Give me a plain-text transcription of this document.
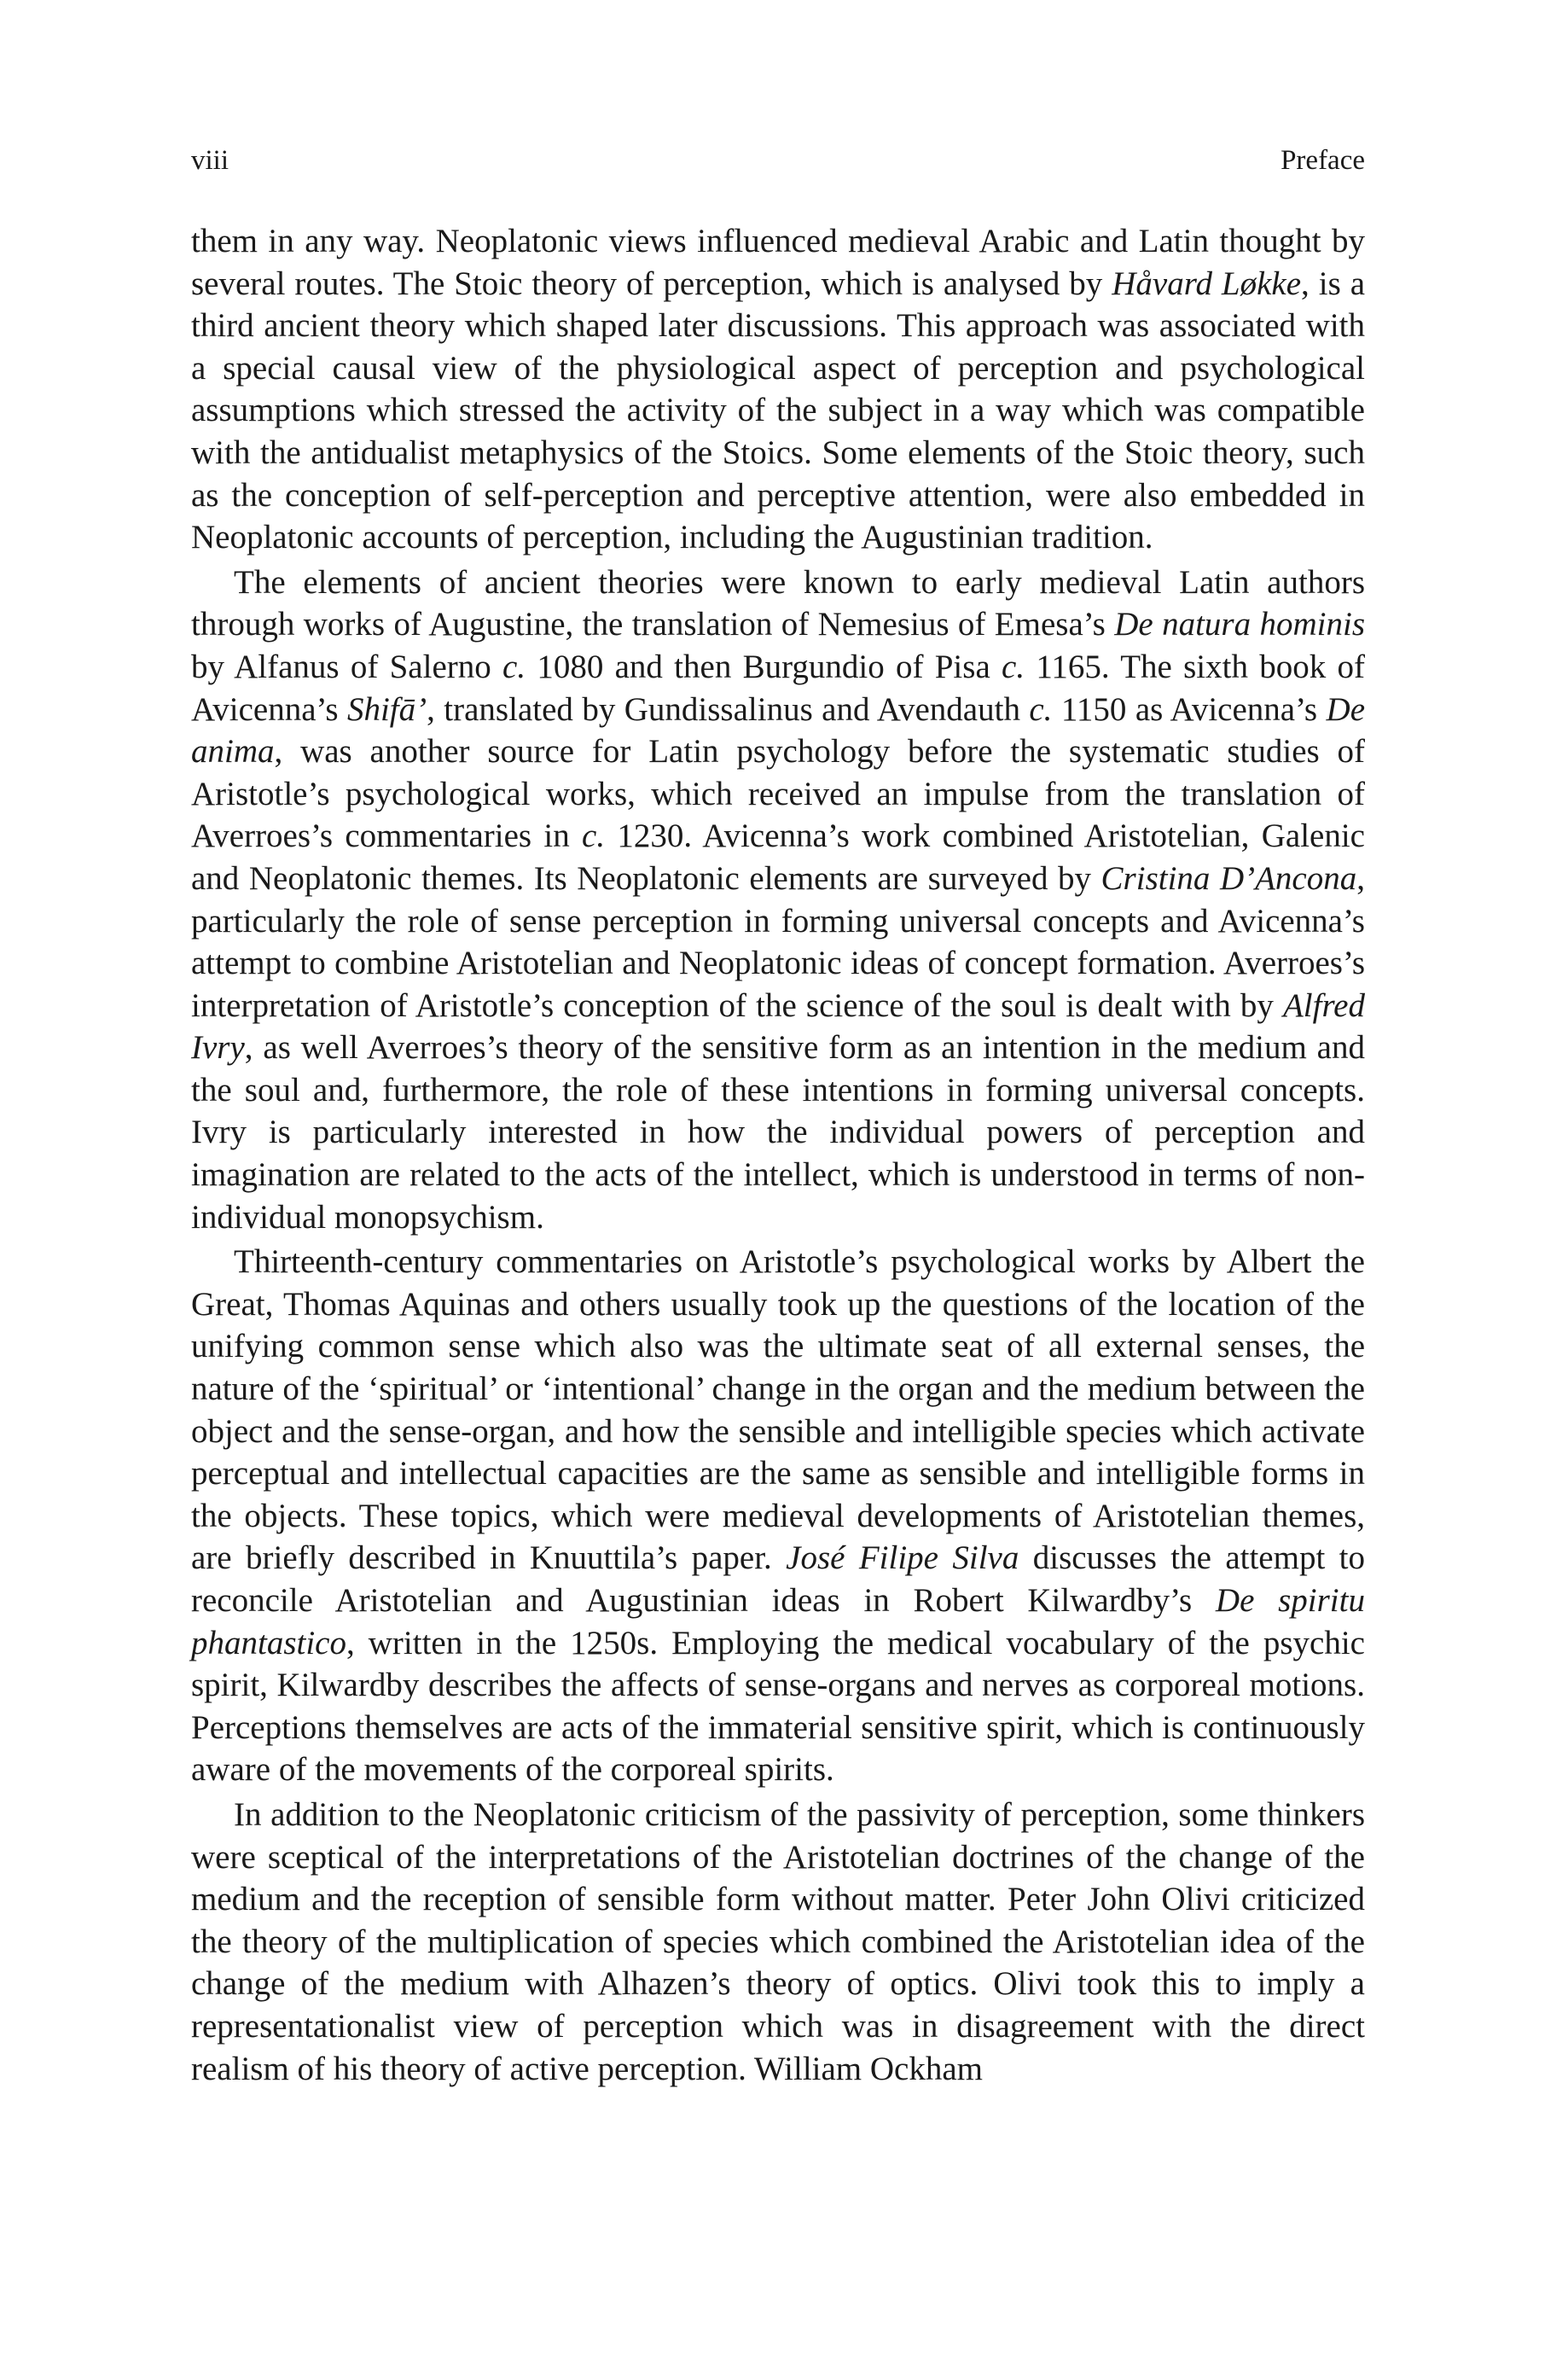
viii	Preface

them in any way. Neoplatonic views influenced medieval Arabic and Latin thought by several routes. The Stoic theory of perception, which is analysed by Håvard Løkke, is a third ancient theory which shaped later discussions. This approach was associated with a special causal view of the physiological aspect of perception and psychological assumptions which stressed the activity of the subject in a way which was compatible with the antidualist metaphysics of the Stoics. Some elements of the Stoic theory, such as the conception of self-perception and perceptive attention, were also embedded in Neoplatonic accounts of perception, including the Augustinian tradition.

The elements of ancient theories were known to early medieval Latin authors through works of Augustine, the translation of Nemesius of Emesa’s De natura hominis by Alfanus of Salerno c. 1080 and then Burgundio of Pisa c. 1165. The sixth book of Avicenna’s Shifā’, translated by Gundissalinus and Avendauth c. 1150 as Avicenna’s De anima, was another source for Latin psychology before the systematic studies of Aristotle’s psychological works, which received an impulse from the translation of Averroes’s commentaries in c. 1230. Avicenna’s work combined Aristotelian, Galenic and Neoplatonic themes. Its Neoplatonic elements are surveyed by Cristina D’Ancona, particularly the role of sense perception in forming universal concepts and Avicenna’s attempt to combine Aristotelian and Neoplatonic ideas of concept formation. Averroes’s interpretation of Aristotle’s conception of the science of the soul is dealt with by Alfred Ivry, as well Averroes’s theory of the sensitive form as an intention in the medium and the soul and, furthermore, the role of these intentions in forming universal concepts. Ivry is particularly interested in how the individual powers of perception and imagination are related to the acts of the intellect, which is understood in terms of non-individual monopsychism.

Thirteenth-century commentaries on Aristotle’s psychological works by Albert the Great, Thomas Aquinas and others usually took up the questions of the location of the unifying common sense which also was the ultimate seat of all external senses, the nature of the ‘spiritual’ or ‘intentional’ change in the organ and the medium between the object and the sense-organ, and how the sensible and intelligible species which activate perceptual and intellectual capacities are the same as sensible and intelligible forms in the objects. These topics, which were medieval developments of Aristotelian themes, are briefly described in Knuuttila’s paper. José Filipe Silva discusses the attempt to reconcile Aristotelian and Augustinian ideas in Robert Kilwardby’s De spiritu phantastico, written in the 1250s. Employing the medical vocabulary of the psychic spirit, Kilwardby describes the affects of sense-organs and nerves as corporeal motions. Perceptions themselves are acts of the immaterial sensitive spirit, which is continuously aware of the movements of the corporeal spirits.

In addition to the Neoplatonic criticism of the passivity of perception, some thinkers were sceptical of the interpretations of the Aristotelian doctrines of the change of the medium and the reception of sensible form without matter. Peter John Olivi criticized the theory of the multiplication of species which combined the Aristotelian idea of the change of the medium with Alhazen’s theory of optics. Olivi took this to imply a representationalist view of perception which was in disagreement with the direct realism of his theory of active perception. William Ockham
